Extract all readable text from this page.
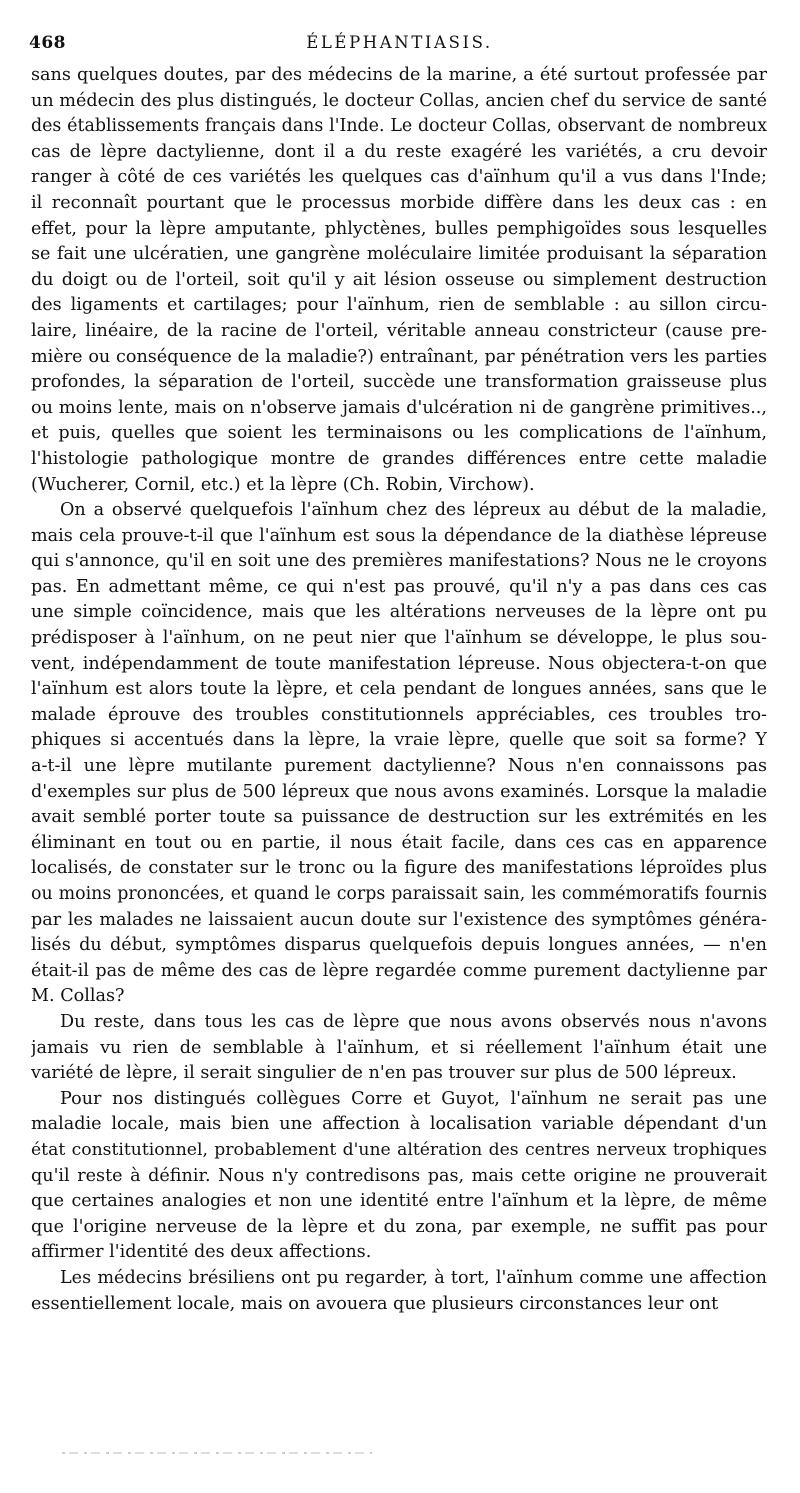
468	ÉLÉPHANTIASIS.
sans quelques doutes, par des médecins de la marine, a été surtout professée par
un médecin des plus distingués, le docteur Collas, ancien chef du service de santé
des établissements français dans l'Inde. Le docteur Collas, observant de nombreux
cas de lèpre dactylienne, dont il a du reste exagéré les variétés, a cru devoir
ranger à côté de ces variétés les quelques cas d'aïnhum qu'il a vus dans l'Inde;
il reconnaît pourtant que le processus morbide diffère dans les deux cas : en
effet, pour la lèpre amputante, phlyctènes, bulles pemphigoïdes sous lesquelles
se fait une ulcératien, une gangrène moléculaire limitée produisant la séparation
du doigt ou de l'orteil, soit qu'il y ait lésion osseuse ou simplement destruction
des ligaments et cartilages; pour l'aïnhum, rien de semblable : au sillon circu-
laire, linéaire, de la racine de l'orteil, véritable anneau constricteur (cause pre-
mière ou conséquence de la maladie?) entraînant, par pénétration vers les parties
profondes, la séparation de l'orteil, succède une transformation graisseuse plus
ou moins lente, mais on n'observe jamais d'ulcération ni de gangrène primitives..,
et puis, quelles que soient les terminaisons ou les complications de l'aïnhum,
l'histologie pathologique montre de grandes différences entre cette maladie
(Wucherer, Cornil, etc.) et la lèpre (Ch. Robin, Virchow).
On a observé quelquefois l'aïnhum chez des lépreux au début de la maladie,
mais cela prouve-t-il que l'aïnhum est sous la dépendance de la diathèse lépreuse
qui s'annonce, qu'il en soit une des premières manifestations? Nous ne le croyons
pas. En admettant même, ce qui n'est pas prouvé, qu'il n'y a pas dans ces cas
une simple coïncidence, mais que les altérations nerveuses de la lèpre ont pu
prédisposer à l'aïnhum, on ne peut nier que l'aïnhum se développe, le plus sou-
vent, indépendamment de toute manifestation lépreuse. Nous objectera-t-on que
l'aïnhum est alors toute la lèpre, et cela pendant de longues années, sans que le
malade éprouve des troubles constitutionnels appréciables, ces troubles tro-
phiques si accentués dans la lèpre, la vraie lèpre, quelle que soit sa forme? Y
a-t-il une lèpre mutilante purement dactylienne? Nous n'en connaissons pas
d'exemples sur plus de 500 lépreux que nous avons examinés. Lorsque la maladie
avait semblé porter toute sa puissance de destruction sur les extrémités en les
éliminant en tout ou en partie, il nous était facile, dans ces cas en apparence
localisés, de constater sur le tronc ou la figure des manifestations léproïdes plus
ou moins prononcées, et quand le corps paraissait sain, les commémoratifs fournis
par les malades ne laissaient aucun doute sur l'existence des symptômes généra-
lisés du début, symptômes disparus quelquefois depuis longues années, — n'en
était-il pas de même des cas de lèpre regardée comme purement dactylienne par
M. Collas?
Du reste, dans tous les cas de lèpre que nous avons observés nous n'avons
jamais vu rien de semblable à l'aïnhum, et si réellement l'aïnhum était une
variété de lèpre, il serait singulier de n'en pas trouver sur plus de 500 lépreux.
Pour nos distingués collègues Corre et Guyot, l'aïnhum ne serait pas une
maladie locale, mais bien une affection à localisation variable dépendant d'un
état constitutionnel, probablement d'une altération des centres nerveux trophiques
qu'il reste à définir. Nous n'y contredisons pas, mais cette origine ne prouverait
que certaines analogies et non une identité entre l'aïnhum et la lèpre, de même
que l'origine nerveuse de la lèpre et du zona, par exemple, ne suffit pas pour
affirmer l'identité des deux affections.
Les médecins brésiliens ont pu regarder, à tort, l'aïnhum comme une affection
essentiellement locale, mais on avouera que plusieurs circonstances leur ont
